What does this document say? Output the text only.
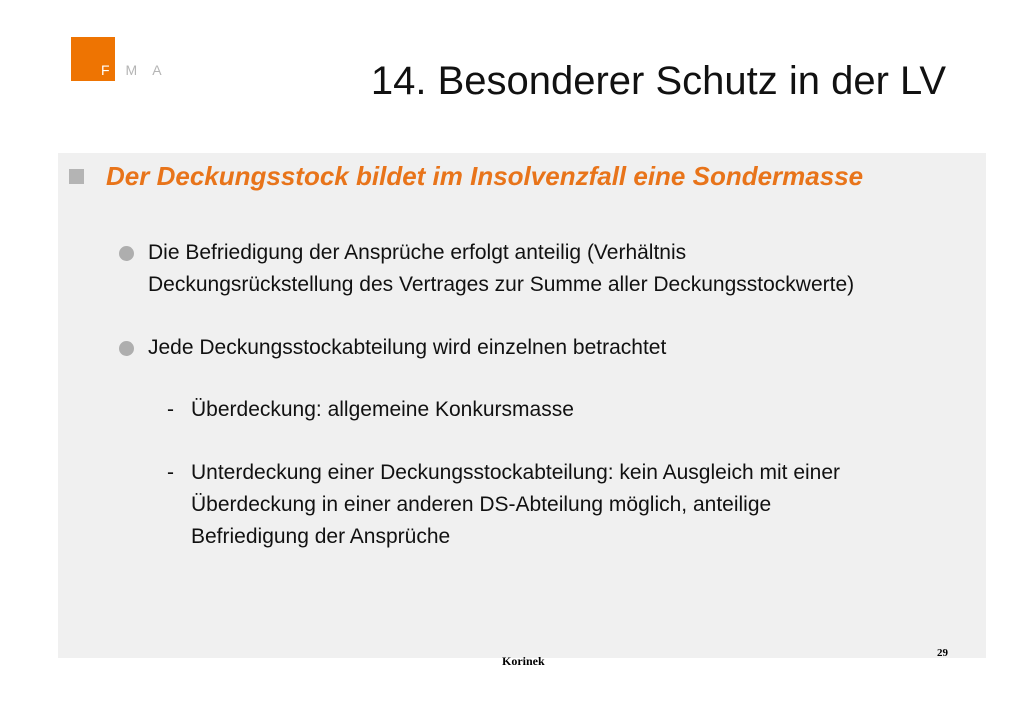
F M A	14. Besonderer Schutz in der LV
Der Deckungsstock bildet im Insolvenzfall eine Sondermasse
Die Befriedigung der Ansprüche erfolgt anteilig (Verhältnis
Deckungsrückstellung des Vertrages zur Summe aller Deckungsstockwerte)
Jede Deckungsstockabteilung wird einzelnen betrachtet
- Überdeckung: allgemeine Konkursmasse
- Unterdeckung einer Deckungsstockabteilung: kein Ausgleich mit einer
Überdeckung in einer anderen DS-Abteilung möglich, anteilige
Befriedigung der Ansprüche
Korinek
29
